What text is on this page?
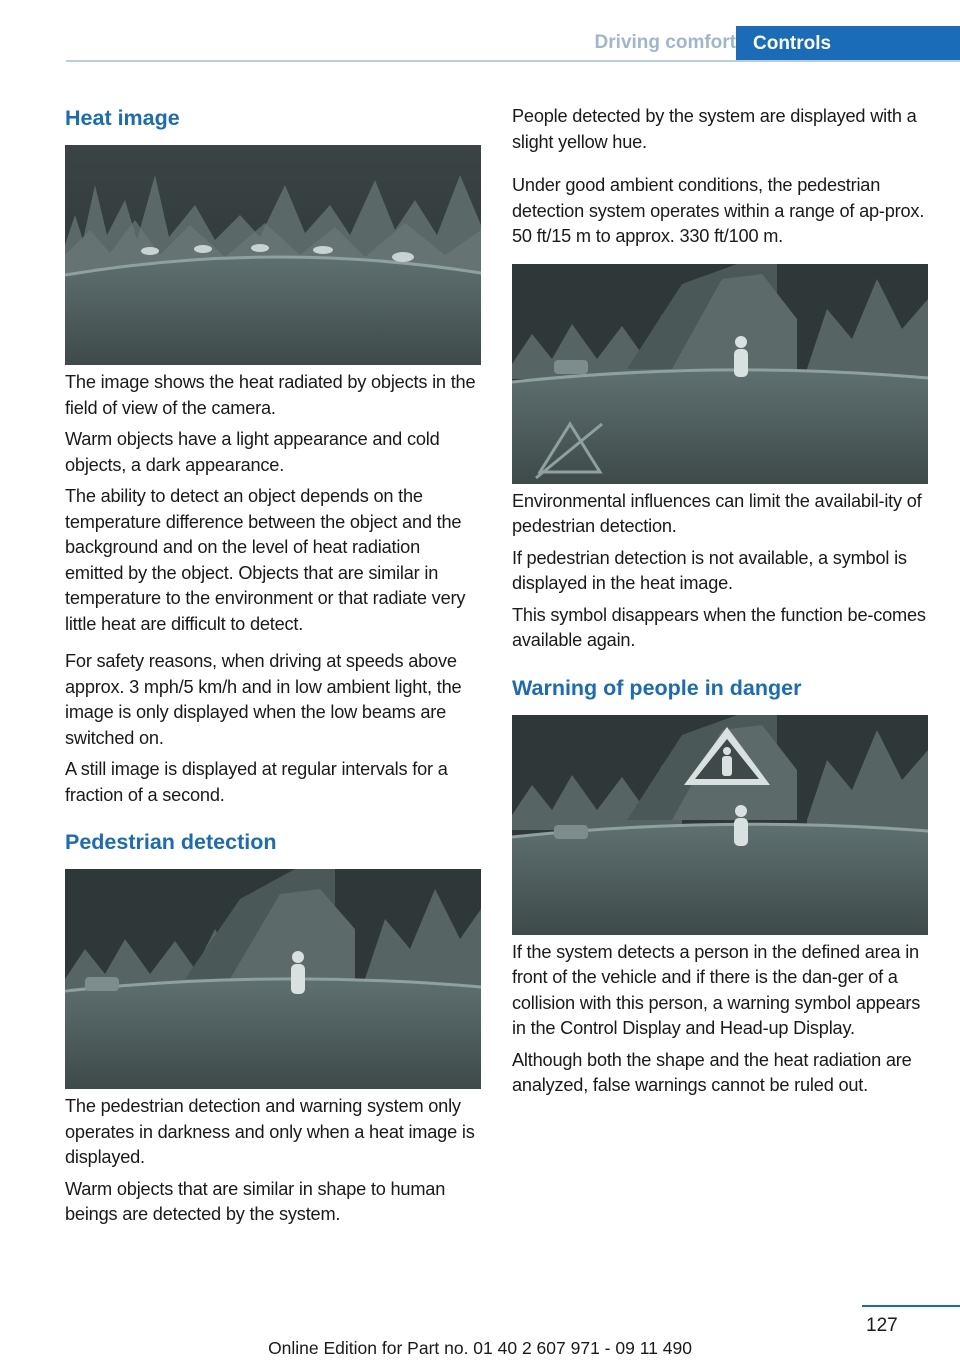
Driving comfort Controls
Heat image

The image shows the heat radiated by objects in the field of view of the camera.

Warm objects have a light appearance and cold objects, a dark appearance.

The ability to detect an object depends on the temperature difference between the object and the background and on the level of heat radiation emitted by the object. Objects that are similar in temperature to the environment or that radiate very little heat are difficult to detect.

For safety reasons, when driving at speeds above approx. 3 mph/5 km/h and in low ambient light, the image is only displayed when the low beams are switched on.

A still image is displayed at regular intervals for a fraction of a second.

Pedestrian detection

The pedestrian detection and warning system only operates in darkness and only when a heat image is displayed.

Warm objects that are similar in shape to human beings are detected by the system.

People detected by the system are displayed with a slight yellow hue.

Under good ambient conditions, the pedestrian detection system operates within a range of ap-prox. 50 ft/15 m to approx. 330 ft/100 m.

Environmental influences can limit the availabil-ity of pedestrian detection.

If pedestrian detection is not available, a symbol is displayed in the heat image.

This symbol disappears when the function be-comes available again.

Warning of people in danger

If the system detects a person in the defined area in front of the vehicle and if there is the dan-ger of a collision with this person, a warning symbol appears in the Control Display and Head-up Display.

Although both the shape and the heat radiation are analyzed, false warnings cannot be ruled out.

127
Online Edition for Part no. 01 40 2 607 971 - 09 11 490
